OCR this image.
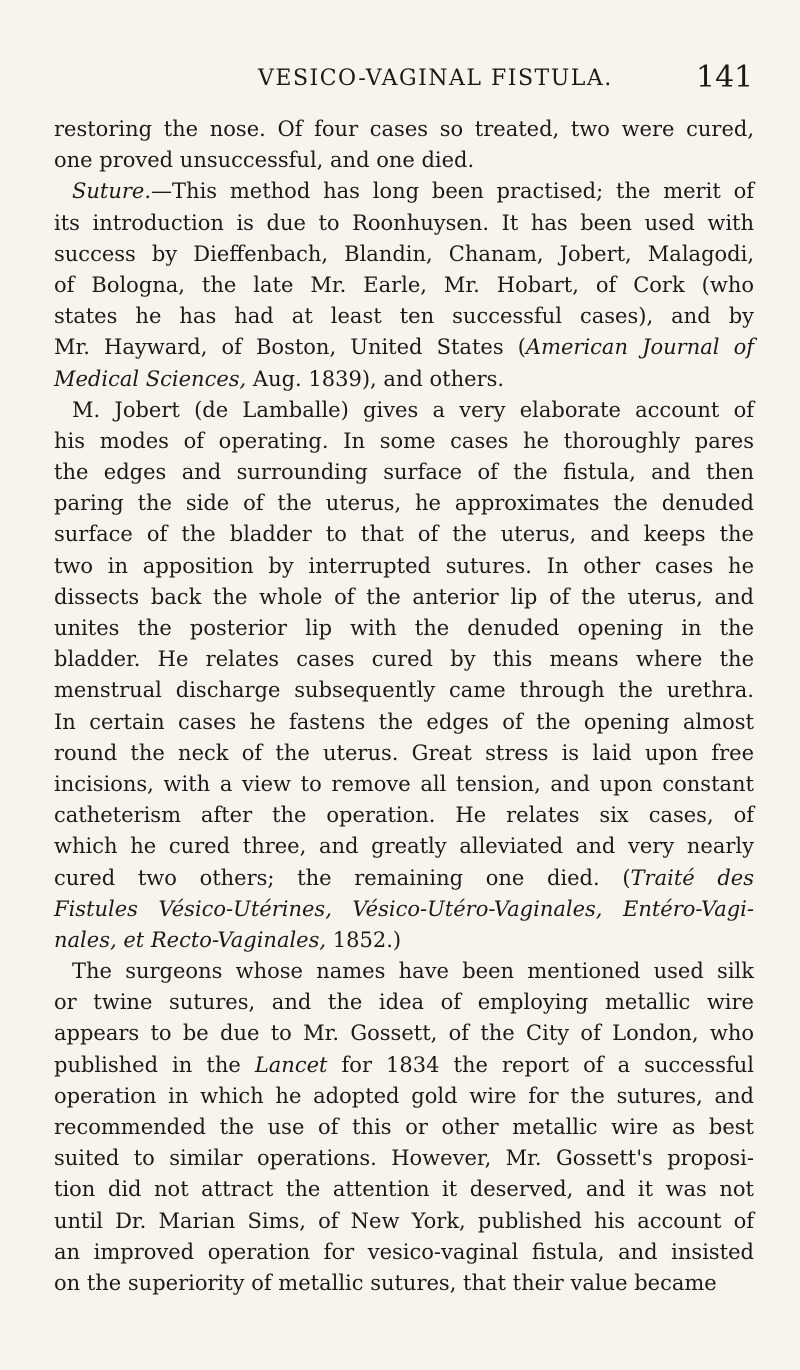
VESICO-VAGINAL FISTULA.	141
restoring the nose. Of four cases so treated, two were cured,
one proved unsuccessful, and one died.
Suture.—This method has long been practised; the merit of
its introduction is due to Roonhuysen. It has been used with
success by Dieffenbach, Blandin, Chanam, Jobert, Malagodi,
of Bologna, the late Mr. Earle, Mr. Hobart, of Cork (who
states he has had at least ten successful cases), and by
Mr. Hayward, of Boston, United States (American Journal of
Medical Sciences, Aug. 1839), and others.
M. Jobert (de Lamballe) gives a very elaborate account of
his modes of operating. In some cases he thoroughly pares
the edges and surrounding surface of the fistula, and then
paring the side of the uterus, he approximates the denuded
surface of the bladder to that of the uterus, and keeps the
two in apposition by interrupted sutures. In other cases he
dissects back the whole of the anterior lip of the uterus, and
unites the posterior lip with the denuded opening in the
bladder. He relates cases cured by this means where the
menstrual discharge subsequently came through the urethra.
In certain cases he fastens the edges of the opening almost
round the neck of the uterus. Great stress is laid upon free
incisions, with a view to remove all tension, and upon constant
catheterism after the operation. He relates six cases, of
which he cured three, and greatly alleviated and very nearly
cured two others; the remaining one died. (Traité des
Fistules Vésico-Utérines, Vésico-Utéro-Vaginales, Entéro-Vagi-
nales, et Recto-Vaginales, 1852.)
The surgeons whose names have been mentioned used silk
or twine sutures, and the idea of employing metallic wire
appears to be due to Mr. Gossett, of the City of London, who
published in the Lancet for 1834 the report of a successful
operation in which he adopted gold wire for the sutures, and
recommended the use of this or other metallic wire as best
suited to similar operations. However, Mr. Gossett's proposi-
tion did not attract the attention it deserved, and it was not
until Dr. Marian Sims, of New York, published his account of
an improved operation for vesico-vaginal fistula, and insisted
on the superiority of metallic sutures, that their value became
